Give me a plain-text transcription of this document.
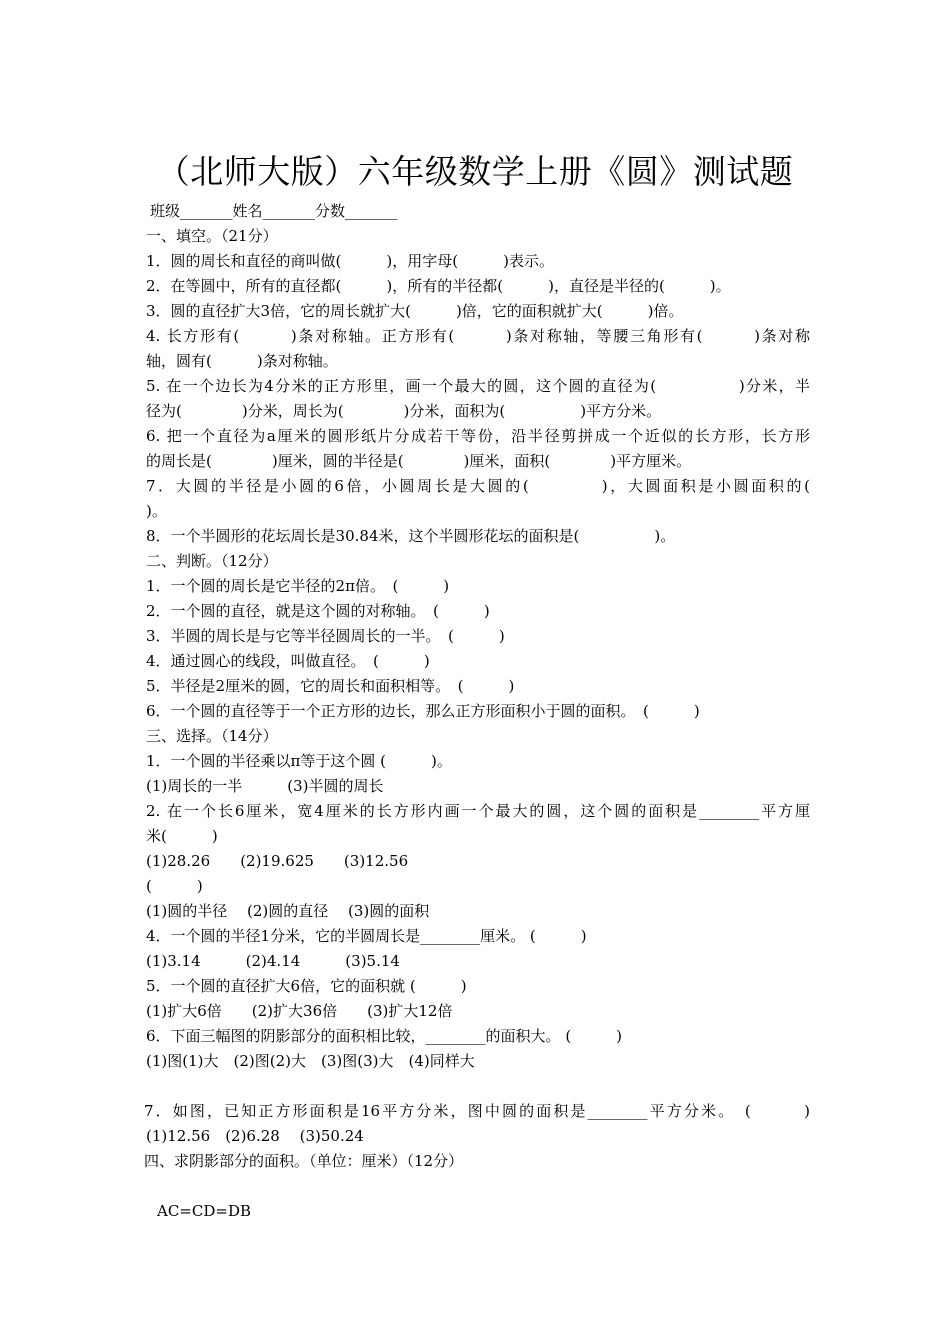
（北师大版）六年级数学上册《圆》测试题
班级_______姓名_______分数_______
一、填空。（21分）
1．圆的周长和直径的商叫做(　　　)，用字母(　　　)表示。
2．在等圆中，所有的直径都(　　　)，所有的半径都(　　　)，直径是半径的(　　　)。
3．圆的直径扩大3倍，它的周长就扩大(　　　)倍，它的面积就扩大(　　　)倍。
4. 长方形有(　　　)条对称轴。正方形有(　　　)条对称轴，等腰三角形有(　　　)条对称
轴，圆有(　　　)条对称轴。
5. 在一个边长为4分米的正方形里，画一个最大的圆，这个圆的直径为(　　　　　)分米，半
径为(　　　　)分米，周长为(　　　　)分米，面积为(　　　　　)平方分米。
6. 把一个直径为a厘米的圆形纸片分成若干等份，沿半径剪拼成一个近似的长方形，长方形
的周长是(　　　　)厘米，圆的半径是(　　　　)厘米，面积(　　　　)平方厘米。
7．大圆的半径是小圆的6倍，小圆周长是大圆的(　　　　)，大圆面积是小圆面积的(
)。
8．一个半圆形的花坛周长是30.84米，这个半圆形花坛的面积是(　　　　　)。
二、判断。（12分）
1．一个圆的周长是它半径的2π倍。　(　　　)
2．一个圆的直径，就是这个圆的对称轴。　(　　　)
3．半圆的周长是与它等半径圆周长的一半。　(　　　)
4．通过圆心的线段，叫做直径。　(　　　)
5．半径是2厘米的圆，它的周长和面积相等。　(　　　)
6．一个圆的直径等于一个正方形的边长，那么正方形面积小于圆的面积。　(　　　)
三、选择。（14分）
1．一个圆的半径乘以π等于这个圆 (　　　)。
(1)周长的一半　　　(3)半圆的周长
2. 在一个长6厘米，宽4厘米的长方形内画一个最大的圆，这个圆的面积是________平方厘
米(　　　)
(1)28.26　　(2)19.625　　(3)12.56
(　　　)
(1)圆的半径　 (2)圆的直径　 (3)圆的面积
4．一个圆的半径1分米，它的半圆周长是________厘米。 (　　　)
(1)3.14　　　(2)4.14　　　(3)5.14
5．一个圆的直径扩大6倍，它的面积就 (　　　)
(1)扩大6倍　　(2)扩大36倍　　(3)扩大12倍
6．下面三幅图的阴影部分的面积相比较，________的面积大。 (　　　)
(1)图(1)大　(2)图(2)大　(3)图(3)大　(4)同样大
7．如图，已知正方形面积是16平方分米，图中圆的面积是________平方分米。　(　　　)
(1)12.56　(2)6.28　 (3)50.24
四、求阴影部分的面积。（单位：厘米）（12分）
AC=CD=DB
